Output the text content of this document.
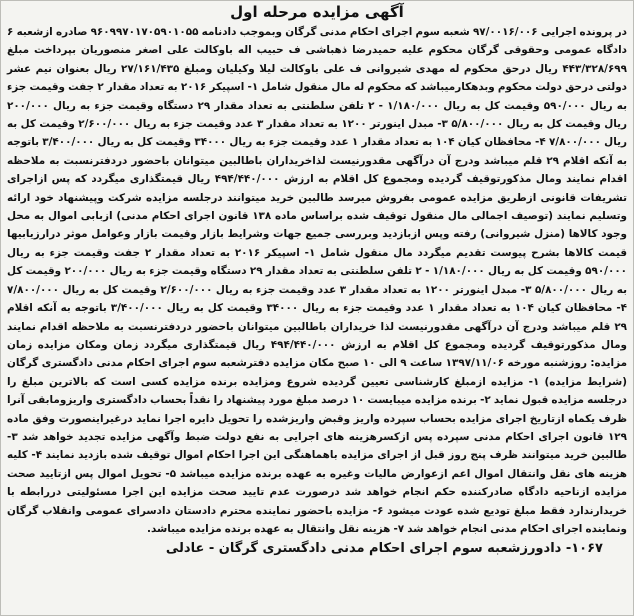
آگهی مزایده مرحله اول

در پرونده اجرایی ۹۷/۰۰۱۶/۰۰۶ شعبه سوم اجرای احکام مدنی گرگان وبموجب دادنامه ۹۶۰۹۹۷۰۱۷۰۵۹۰۱۰۵۵ صادره ازشعبه ۶ دادگاه عمومی وحقوقی گرگان محکوم علیه حمیدرضا ذهباشی ف حبیب اله باوکالت علی اصغر منصوریان بپرداخت مبلغ ۴۴۳/۳۲۸/۶۹۹ ریال درحق محکوم له مهدی شیروانی ف علی باوکالت لیلا وکیلیان ومبلغ ۲۷/۱۶۱/۴۳۵ ریال بعنوان نیم عشر دولتی درحق دولت محکوم وبدهکارمیباشد که محکوم له مال منقول شامل ۱- اسپیکر ۲۰۱۶ به تعداد مقدار ۲ جفت وقیمت جزء به ریال ۵۹۰/۰۰۰ وقیمت کل به ریال ۱/۱۸۰/۰۰۰ - ۲ تلفن سلطنتی به تعداد مقدار ۲۹ دستگاه وقیمت جزء به ریال ۲۰۰/۰۰۰ ریال وقیمت کل به ریال ۵/۸۰۰/۰۰۰ ۳- مبدل اینورتر ۱۲۰۰ به تعداد مقدار ۳ عدد وقیمت جزء به ریال ۲/۶۰۰/۰۰۰ وقیمت کل به ریال ۷/۸۰۰/۰۰۰ ۴- محافظان کیان ۱۰۴ به تعداد مقدار ۱ عدد وقیمت جزء به ریال ۳۴۰۰۰ وقیمت کل به ریال ۳/۴۰۰/۰۰۰ باتوجه به آنکه اقلام ۲۹ قلم میباشد ودرج آن درآگهی مقدورنیست لذاخریداران باطالبین میتوانان باحضور دردفترنسبت به ملاحظه اقدام نمایند ومال مذکورتوقیف گردیده ومجموع کل اقلام به ارزش ۴۹۴/۴۴۰/۰۰۰ ریال قیمتگذاری میگردد که پس ازاجرای تشریفات قانونی ازطریق مزایده عمومی بفروش میرسد طالبین خرید میتوانند درجلسه مزایده شرکت وپیشنهاد خود ارائه وتسلیم نمایند (توصیف اجمالی مال منقول توقیف شده براساس ماده ۱۳۸ قانون اجرای احکام مدنی) ازبابی اموال به محل وجود کالاها (منزل شیروانی) رفته وپس ازبازدید وبررسی جمیع جهات وشرایط بازار وقیمت بازار وعوامل موثر درارزیابیها قیمت کالاها بشرح پیوست تقدیم میگردد مال منقول شامل ۱- اسپیکر ۲۰۱۶ به تعداد مقدار ۲ جفت وقیمت جزء به ریال ۵۹۰/۰۰۰ وقیمت کل به ریال ۱/۱۸۰/۰۰۰ - ۲ تلفن سلطنتی به تعداد مقدار ۲۹ دستگاه وقیمت جزء به ریال ۲۰۰/۰۰۰ وقیمت کل به ریال ۵/۸۰۰/۰۰۰ ۳- مبدل اینورتر ۱۲۰۰ به تعداد مقدار ۳ عدد وقیمت جزء به ریال ۲/۶۰۰/۰۰۰ وقیمت کل به ریال ۷/۸۰۰/۰۰۰ ۴- محافظان کیان ۱۰۴ به تعداد مقدار ۱ عدد وقیمت جزء به ریال ۳۴۰۰۰ وقیمت کل به ریال ۳/۴۰۰/۰۰۰ باتوجه به آنکه اقلام ۲۹ قلم میباشد ودرج آن درآگهی مقدورنیست لذا خریداران باطالبین میتوانان باحضور دردفترنسبت به ملاحظه اقدام نمایند ومال مذکورتوقیف گردیده ومجموع کل اقلام به ارزش ۴۹۴/۴۴۰/۰۰۰ ریال قیمتگذاری میگردد زمان ومکان مزایده زمان مزایده: روزشنبه مورخه ۱۳۹۷/۱۱/۰۶ ساعت ۹ الی ۱۰ صبح مکان مزایده دفترشعبه سوم اجرای احکام مدنی دادگستری گرگان (شرایط مزایده) ۱- مزایده ازمبلغ کارشناسی تعیین گردیده شروع ومزایده برنده مزایده کسی است که بالاترین مبلغ را درجلسه مزایده قبول نماید ۲- برنده مزایده میبایست ۱۰ درصد مبلغ مورد پیشنهاد را نقداً بحساب دادگستری واریزومابقی آنرا ظرف یکماه ازتاریخ اجرای مزایده بحساب سپرده واریز وقبض واریزشده را تحویل دایره اجرا نماید درغیراینصورت وفق ماده ۱۲۹ قانون اجرای احکام مدنی سپرده پس ازکسرهزینه های اجرایی به نفع دولت ضبط وآگهی مزایده تجدید خواهد شد ۳- طالبین خرید میتوانند ظرف پنج روز قبل از اجرای مزایده باهماهنگی این اجرا احکام اموال توقیف شده بازدید نمایند ۴- کلیه هزینه های نقل وانتقال اموال اعم ازعوارض مالیات وغیره به عهده برنده مزایده میباشد ۵- تحویل اموال پس ازتایید صحت مزایده ازناحیه دادگاه صادرکننده حکم انجام خواهد شد درصورت عدم تایید صحت مزایده این اجرا مسئولیتی دررابطه با خریدارندارد فقط مبلغ تودیع شده عودت میشود ۶- مزایده باحضور نماینده محترم دادستان دادسرای عمومی وانقلاب گرگان ونماینده اجرای احکام مدنی انجام خواهد شد ۷- هزینه نقل وانتقال به عهده برنده مزایده میباشد.

۱۰۶۷- دادورزشعبه سوم اجرای احکام مدنی دادگستری گرگان - عادلی
